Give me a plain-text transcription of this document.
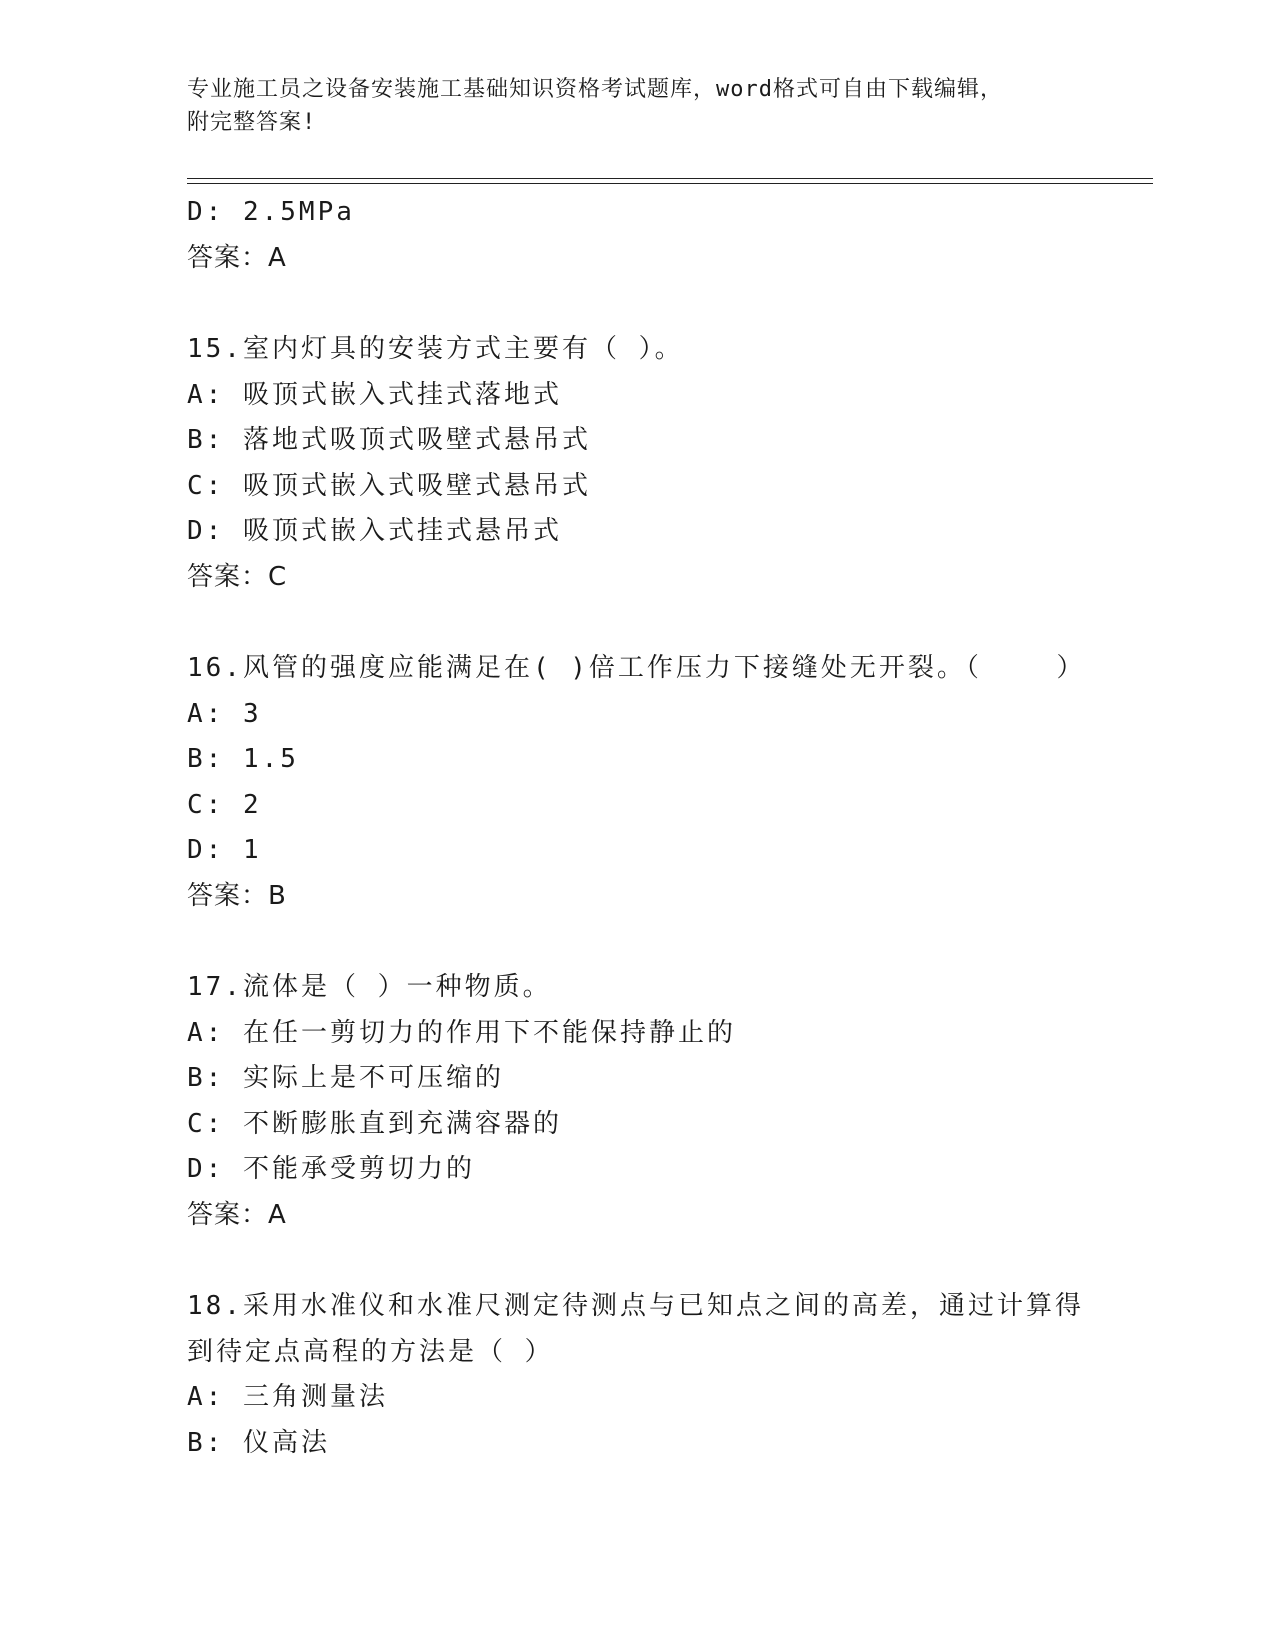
专业施工员之设备安装施工基础知识资格考试题库，word格式可自由下载编辑，
附完整答案!
D: 2.5MPa
答案：A
15.室内灯具的安装方式主要有（ ）。
A: 吸顶式嵌入式挂式落地式
B: 落地式吸顶式吸壁式悬吊式
C: 吸顶式嵌入式吸壁式悬吊式
D: 吸顶式嵌入式挂式悬吊式
答案：C
16.风管的强度应能满足在( )倍工作压力下接缝处无开裂。（    ）
A: 3
B: 1.5
C: 2
D: 1
答案：B
17.流体是（ ）一种物质。
A: 在任一剪切力的作用下不能保持静止的
B: 实际上是不可压缩的
C: 不断膨胀直到充满容器的
D: 不能承受剪切力的
答案：A
18.采用水准仪和水准尺测定待测点与已知点之间的高差，通过计算得
到待定点高程的方法是（ ）
A: 三角测量法
B: 仪高法
